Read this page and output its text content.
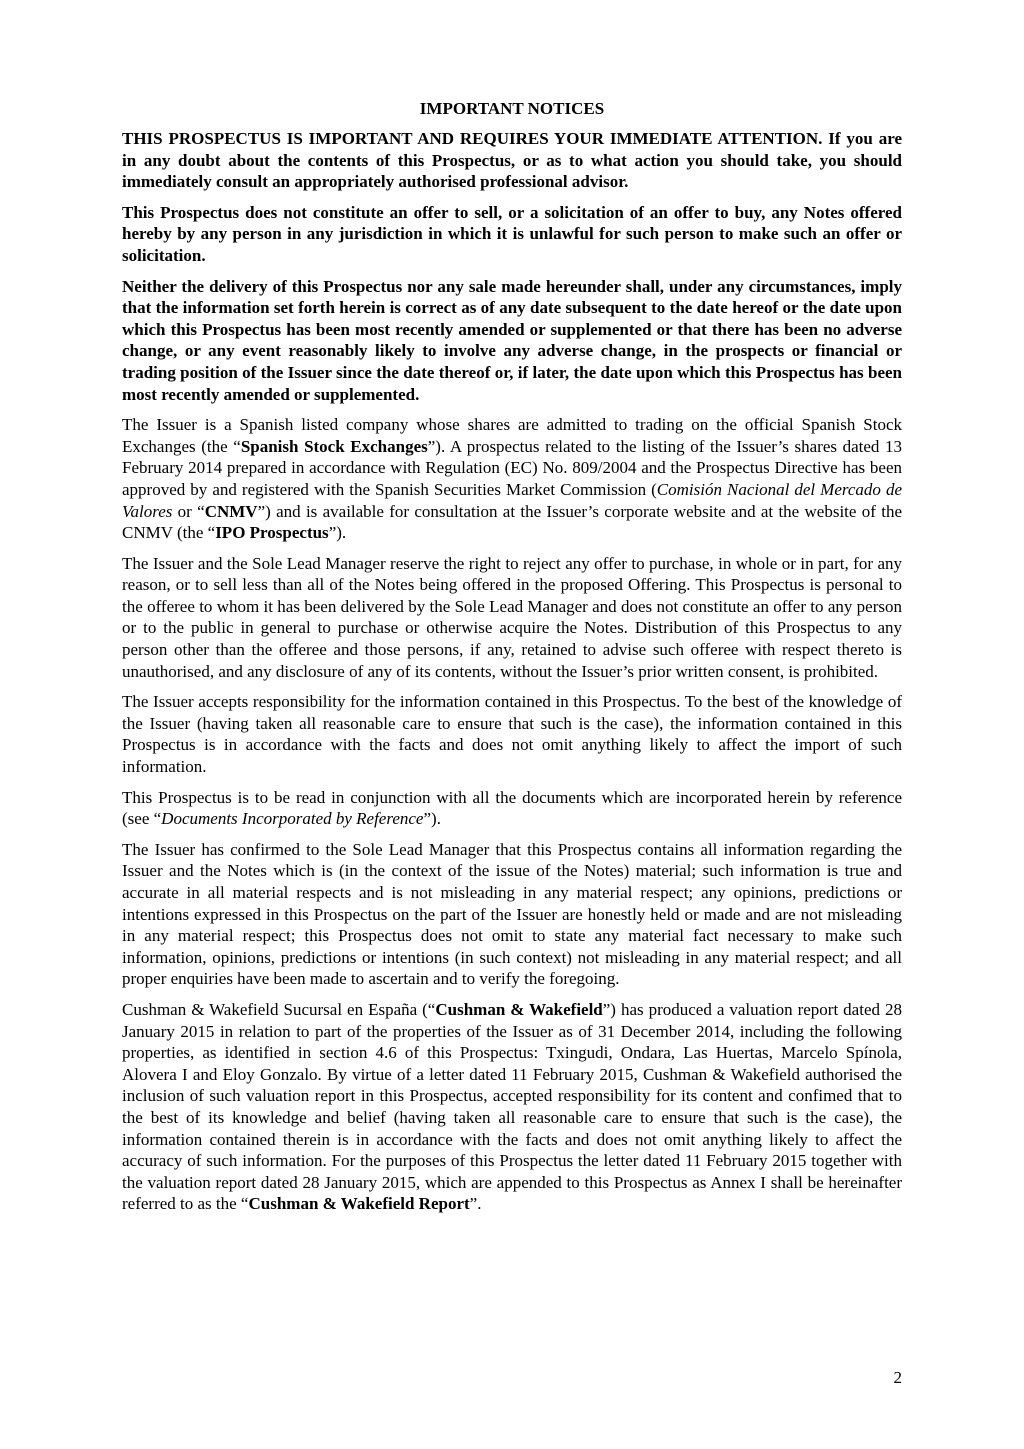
IMPORTANT NOTICES

THIS PROSPECTUS IS IMPORTANT AND REQUIRES YOUR IMMEDIATE ATTENTION. If you are in any doubt about the contents of this Prospectus, or as to what action you should take, you should immediately consult an appropriately authorised professional advisor.

This Prospectus does not constitute an offer to sell, or a solicitation of an offer to buy, any Notes offered hereby by any person in any jurisdiction in which it is unlawful for such person to make such an offer or solicitation.

Neither the delivery of this Prospectus nor any sale made hereunder shall, under any circumstances, imply that the information set forth herein is correct as of any date subsequent to the date hereof or the date upon which this Prospectus has been most recently amended or supplemented or that there has been no adverse change, or any event reasonably likely to involve any adverse change, in the prospects or financial or trading position of the Issuer since the date thereof or, if later, the date upon which this Prospectus has been most recently amended or supplemented.

The Issuer is a Spanish listed company whose shares are admitted to trading on the official Spanish Stock Exchanges (the “Spanish Stock Exchanges”). A prospectus related to the listing of the Issuer’s shares dated 13 February 2014 prepared in accordance with Regulation (EC) No. 809/2004 and the Prospectus Directive has been approved by and registered with the Spanish Securities Market Commission (Comisión Nacional del Mercado de Valores or “CNMV”) and is available for consultation at the Issuer’s corporate website and at the website of the CNMV (the “IPO Prospectus”).

The Issuer and the Sole Lead Manager reserve the right to reject any offer to purchase, in whole or in part, for any reason, or to sell less than all of the Notes being offered in the proposed Offering. This Prospectus is personal to the offeree to whom it has been delivered by the Sole Lead Manager and does not constitute an offer to any person or to the public in general to purchase or otherwise acquire the Notes. Distribution of this Prospectus to any person other than the offeree and those persons, if any, retained to advise such offeree with respect thereto is unauthorised, and any disclosure of any of its contents, without the Issuer’s prior written consent, is prohibited.

The Issuer accepts responsibility for the information contained in this Prospectus. To the best of the knowledge of the Issuer (having taken all reasonable care to ensure that such is the case), the information contained in this Prospectus is in accordance with the facts and does not omit anything likely to affect the import of such information.

This Prospectus is to be read in conjunction with all the documents which are incorporated herein by reference (see “Documents Incorporated by Reference”).

The Issuer has confirmed to the Sole Lead Manager that this Prospectus contains all information regarding the Issuer and the Notes which is (in the context of the issue of the Notes) material; such information is true and accurate in all material respects and is not misleading in any material respect; any opinions, predictions or intentions expressed in this Prospectus on the part of the Issuer are honestly held or made and are not misleading in any material respect; this Prospectus does not omit to state any material fact necessary to make such information, opinions, predictions or intentions (in such context) not misleading in any material respect; and all proper enquiries have been made to ascertain and to verify the foregoing.

Cushman & Wakefield Sucursal en España (“Cushman & Wakefield”) has produced a valuation report dated 28 January 2015 in relation to part of the properties of the Issuer as of 31 December 2014, including the following properties, as identified in section 4.6 of this Prospectus: Txingudi, Ondara, Las Huertas, Marcelo Spínola, Alovera I and Eloy Gonzalo. By virtue of a letter dated 11 February 2015, Cushman & Wakefield authorised the inclusion of such valuation report in this Prospectus, accepted responsibility for its content and confimed that to the best of its knowledge and belief (having taken all reasonable care to ensure that such is the case), the information contained therein is in accordance with the facts and does not omit anything likely to affect the accuracy of such information. For the purposes of this Prospectus the letter dated 11 February 2015 together with the valuation report dated 28 January 2015, which are appended to this Prospectus as Annex I shall be hereinafter referred to as the “Cushman & Wakefield Report”.

2
